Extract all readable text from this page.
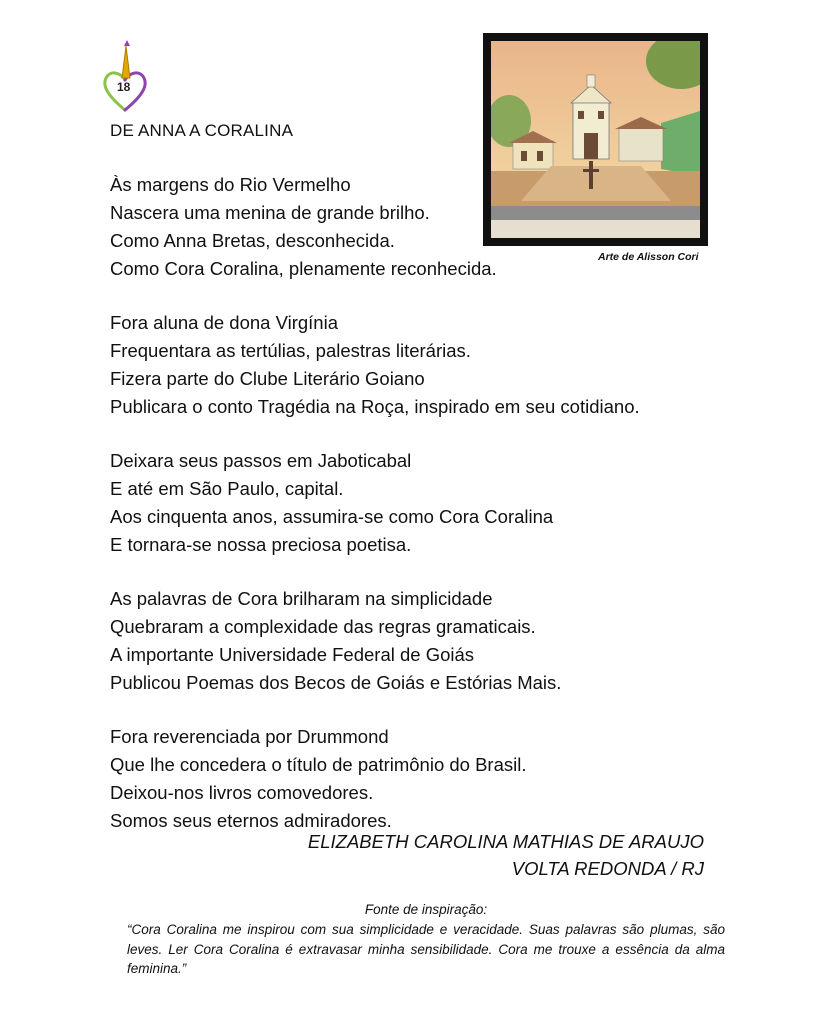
18
DE ANNA A CORALINA
Arte de Alisson Cori
Às margens do Rio Vermelho
Nascera uma menina de grande brilho.
Como Anna Bretas, desconhecida.
Como Cora Coralina, plenamente reconhecida.
Fora aluna de dona Virgínia
Frequentara as tertúlias, palestras literárias.
Fizera parte do Clube Literário Goiano
Publicara o conto Tragédia na Roça, inspirado em seu cotidiano.
Deixara seus passos em Jaboticabal
E até em São Paulo, capital.
Aos cinquenta anos, assumira-se como Cora Coralina
E tornara-se nossa preciosa poetisa.
As palavras de Cora brilharam na simplicidade
Quebraram a complexidade das regras gramaticais.
A importante Universidade Federal de Goiás
Publicou Poemas dos Becos de Goiás e Estórias Mais.
Fora reverenciada por Drummond
Que lhe concedera o título de patrimônio do Brasil.
Deixou-nos livros comovedores.
Somos seus eternos admiradores.
ELIZABETH CAROLINA MATHIAS DE ARAUJO
VOLTA REDONDA / RJ
Fonte de inspiração:
“Cora Coralina me inspirou com sua simplicidade e veracidade. Suas palavras são plumas, são leves. Ler Cora Coralina é extravasar minha sensibilidade. Cora me trouxe a essência da alma feminina.”
